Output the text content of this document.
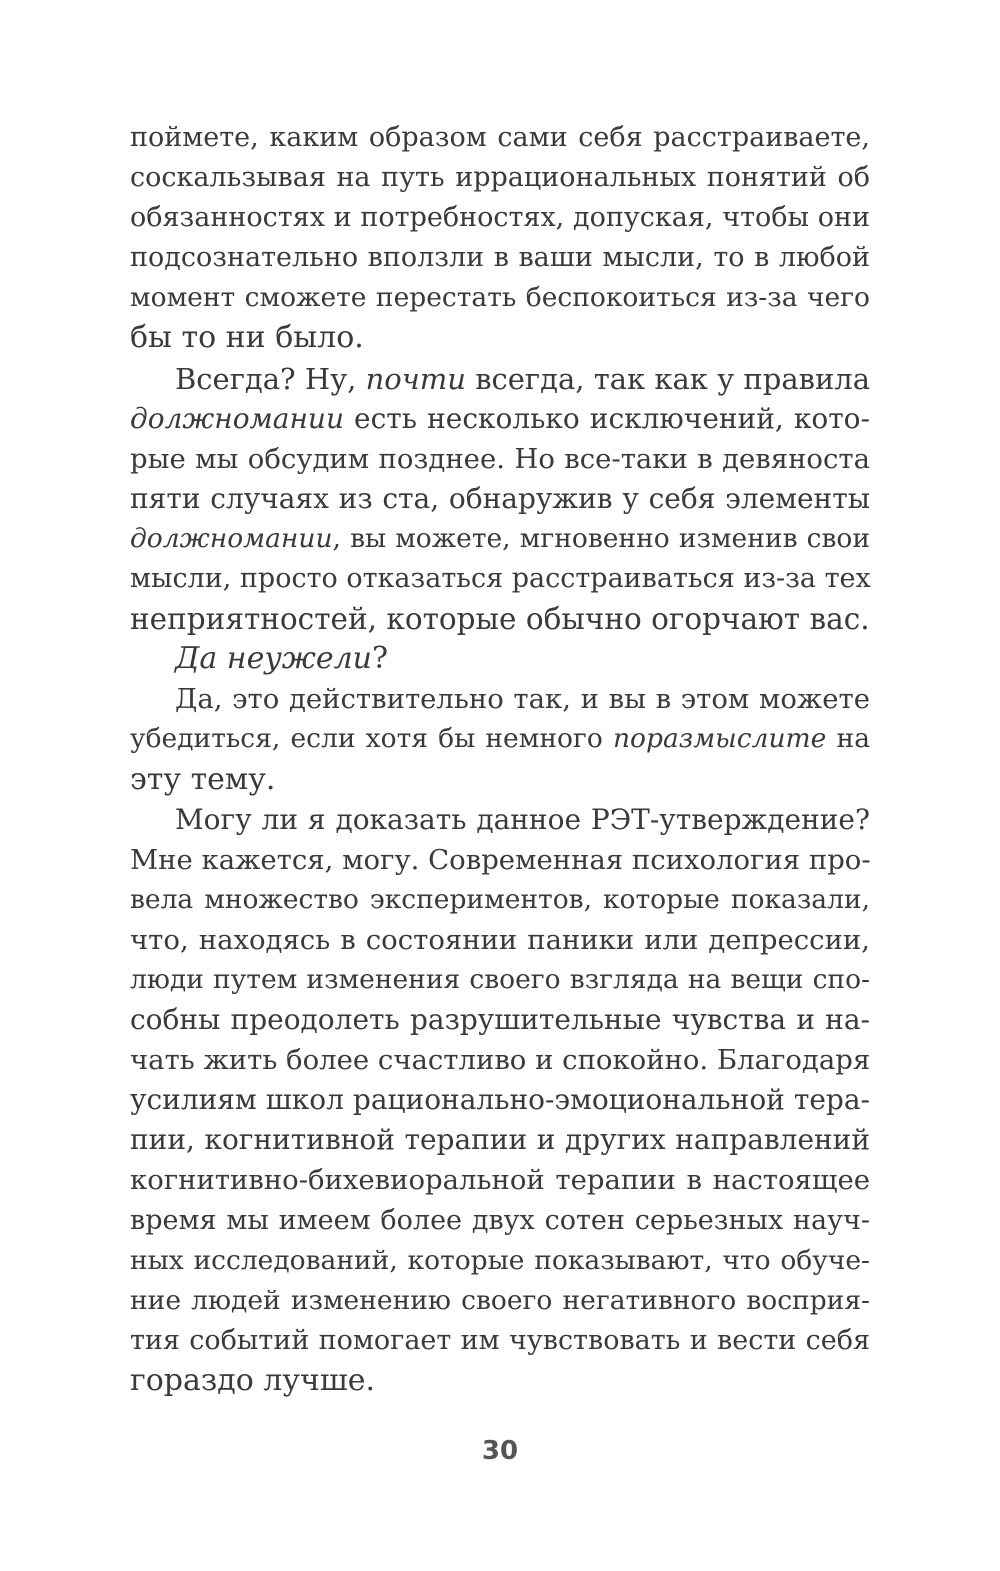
поймете, каким образом сами себя расстраиваете,
соскальзывая на путь иррациональных понятий об
обязанностях и потребностях, допуская, чтобы они
подсознательно вползли в ваши мысли, то в любой
момент сможете перестать беспокоиться из-за чего
бы то ни было.
Всегда? Ну, почти всегда, так как у правила
должномании есть несколько исключений, кото-
рые мы обсудим позднее. Но все-таки в девяноста
пяти случаях из ста, обнаружив у себя элементы
должномании, вы можете, мгновенно изменив свои
мысли, просто отказаться расстраиваться из-за тех
неприятностей, которые обычно огорчают вас.
Да неужели?
Да, это действительно так, и вы в этом можете
убедиться, если хотя бы немного поразмыслите на
эту тему.
Могу ли я доказать данное РЭТ-утверждение?
Мне кажется, могу. Современная психология про-
вела множество экспериментов, которые показали,
что, находясь в состоянии паники или депрессии,
люди путем изменения своего взгляда на вещи спо-
собны преодолеть разрушительные чувства и на-
чать жить более счастливо и спокойно. Благодаря
усилиям школ рационально-эмоциональной тера-
пии, когнитивной терапии и других направлений
когнитивно-бихевиоральной терапии в настоящее
время мы имеем более двух сотен серьезных науч-
ных исследований, которые показывают, что обуче-
ние людей изменению своего негативного восприя-
тия событий помогает им чувствовать и вести себя
гораздо лучше.
30
